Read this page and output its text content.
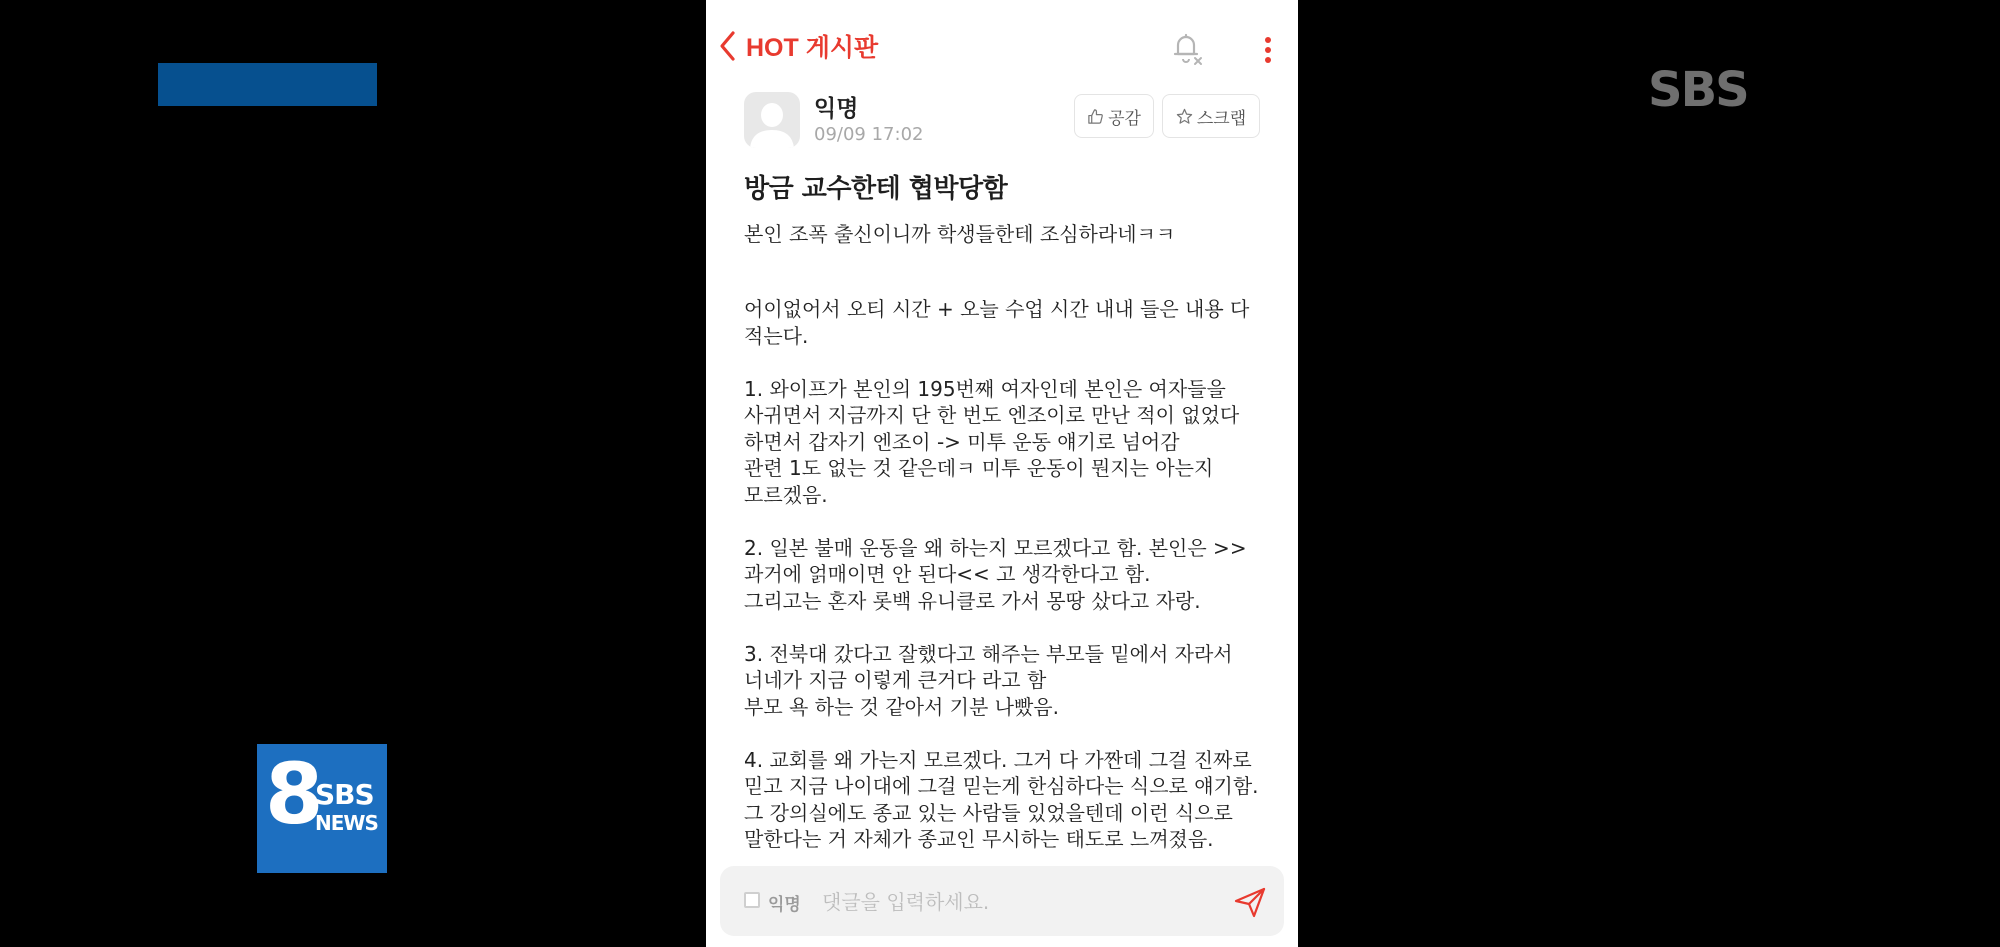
SBS
8
SBS
NEWS
HOT 게시판
익명
09/09 17:02
공감	스크랩
방금 교수한테 협박당함
본인 조폭 출신이니까 학생들한테 조심하라네ㅋㅋ

어이없어서 오티 시간 + 오늘 수업 시간 내내 들은 내용 다
적는다.

1. 와이프가 본인의 195번째 여자인데 본인은 여자들을
사귀면서 지금까지 단 한 번도 엔조이로 만난 적이 없었다
하면서 갑자기 엔조이 -> 미투 운동 얘기로 넘어감
관련 1도 없는 것 같은데ㅋ 미투 운동이 뭔지는 아는지
모르겠음.

2. 일본 불매 운동을 왜 하는지 모르겠다고 함. 본인은 >>
과거에 얽매이면 안 된다<< 고 생각한다고 함.
그리고는 혼자 롯백 유니클로 가서 몽땅 샀다고 자랑.

3. 전북대 갔다고 잘했다고 해주는 부모들 밑에서 자라서
너네가 지금 이렇게 큰거다 라고 함
부모 욕 하는 것 같아서 기분 나빴음.

4. 교회를 왜 가는지 모르겠다. 그거 다 가짠데 그걸 진짜로
믿고 지금 나이대에 그걸 믿는게 한심하다는 식으로 얘기함.
그 강의실에도 종교 있는 사람들 있었을텐데 이런 식으로
말한다는 거 자체가 종교인 무시하는 태도로 느껴졌음.

익명
댓글을 입력하세요.
